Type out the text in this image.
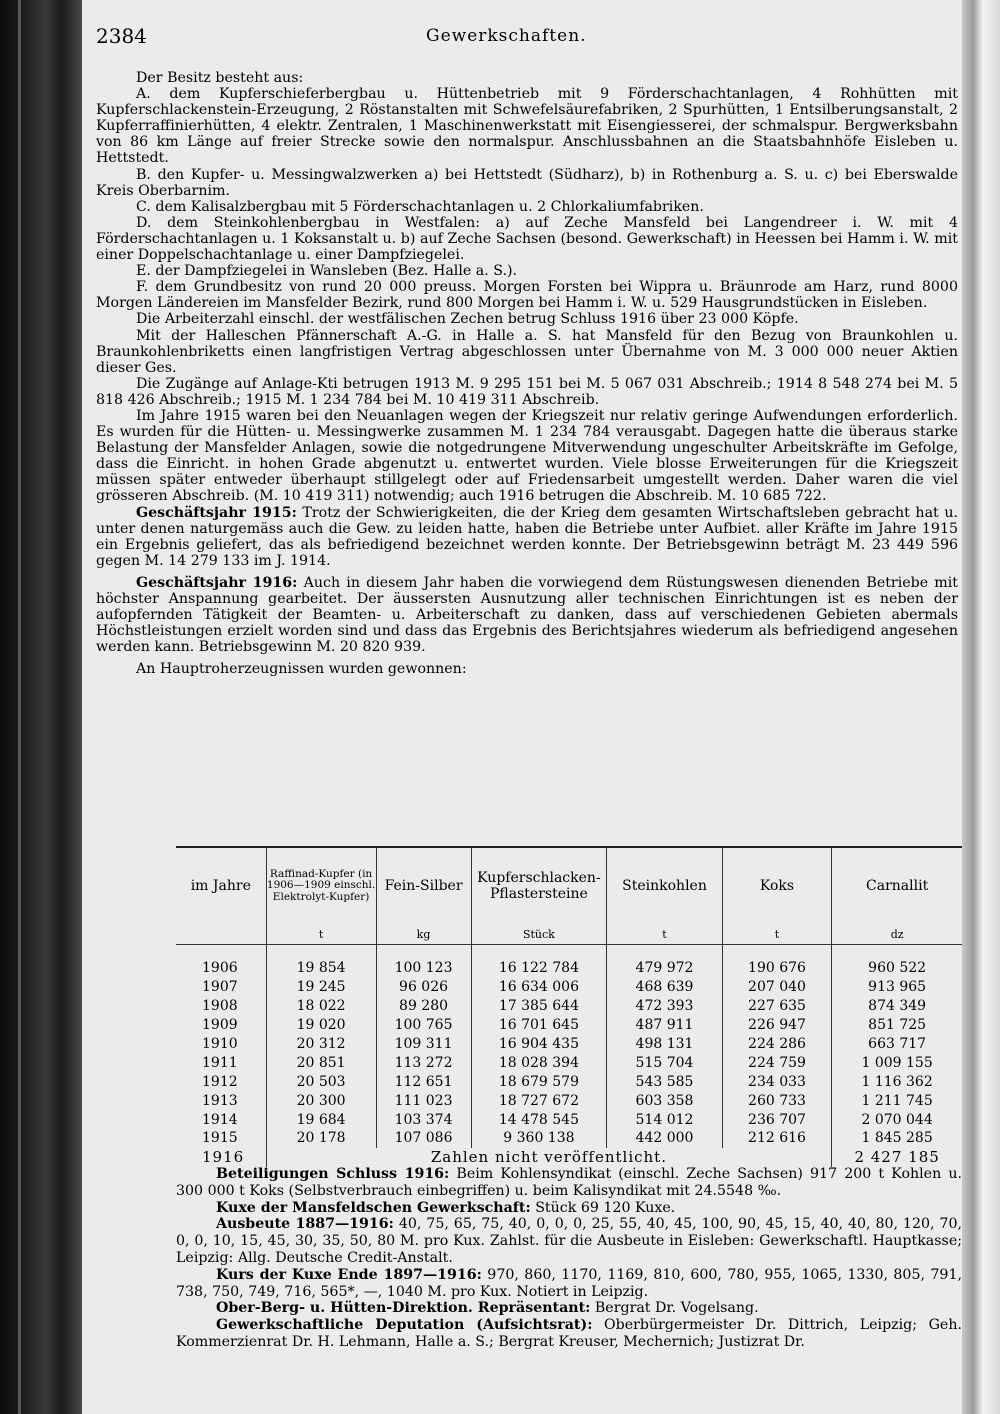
2384	Gewerkschaften.

Der Besitz besteht aus:

A. dem Kupferschieferbergbau u. Hüttenbetrieb mit 9 Förderschachtanlagen, 4 Rohhütten mit Kupferschlackenstein-Erzeugung, 2 Röstanstalten mit Schwefelsäurefabriken, 2 Spurhütten, 1 Entsilberungsanstalt, 2 Kupferraffinierhütten, 4 elektr. Zentralen, 1 Maschinenwerkstatt mit Eisengiesserei, der schmalspur. Bergwerksbahn von 86 km Länge auf freier Strecke sowie den normalspur. Anschlussbahnen an die Staatsbahnhöfe Eisleben u. Hettstedt.

B. den Kupfer- u. Messingwalzwerken a) bei Hettstedt (Südharz), b) in Rothenburg a. S. u. c) bei Eberswalde Kreis Oberbarnim.

C. dem Kalisalzbergbau mit 5 Förderschachtanlagen u. 2 Chlorkaliumfabriken.

D. dem Steinkohlenbergbau in Westfalen: a) auf Zeche Mansfeld bei Langendreer i. W. mit 4 Förderschachtanlagen u. 1 Koksanstalt u. b) auf Zeche Sachsen (besond. Gewerkschaft) in Heessen bei Hamm i. W. mit einer Doppelschachtanlage u. einer Dampfziegelei.

E. der Dampfziegelei in Wansleben (Bez. Halle a. S.).

F. dem Grundbesitz von rund 20 000 preuss. Morgen Forsten bei Wippra u. Bräunrode am Harz, rund 8000 Morgen Ländereien im Mansfelder Bezirk, rund 800 Morgen bei Hamm i. W. u. 529 Hausgrundstücken in Eisleben.

Die Arbeiterzahl einschl. der westfälischen Zechen betrug Schluss 1916 über 23 000 Köpfe.

Mit der Halleschen Pfännerschaft A.-G. in Halle a. S. hat Mansfeld für den Bezug von Braunkohlen u. Braunkohlenbriketts einen langfristigen Vertrag abgeschlossen unter Übernahme von M. 3 000 000 neuer Aktien dieser Ges.

Die Zugänge auf Anlage-Kti betrugen 1913 M. 9 295 151 bei M. 5 067 031 Abschreib.; 1914 8 548 274 bei M. 5 818 426 Abschreib.; 1915 M. 1 234 784 bei M. 10 419 311 Abschreib.

Im Jahre 1915 waren bei den Neuanlagen wegen der Kriegszeit nur relativ geringe Aufwendungen erforderlich. Es wurden für die Hütten- u. Messingwerke zusammen M. 1 234 784 verausgabt. Dagegen hatte die überaus starke Belastung der Mansfelder Anlagen, sowie die notgedrungene Mitverwendung ungeschulter Arbeitskräfte im Gefolge, dass die Einricht. in hohen Grade abgenutzt u. entwertet wurden. Viele blosse Erweiterungen für die Kriegszeit müssen später entweder überhaupt stillgelegt oder auf Friedensarbeit umgestellt werden. Daher waren die viel grösseren Abschreib. (M. 10 419 311) notwendig; auch 1916 betrugen die Abschreib. M. 10 685 722.

Geschäftsjahr 1915: Trotz der Schwierigkeiten, die der Krieg dem gesamten Wirtschaftsleben gebracht hat u. unter denen naturgemäss auch die Gew. zu leiden hatte, haben die Betriebe unter Aufbiet. aller Kräfte im Jahre 1915 ein Ergebnis geliefert, das als befriedigend bezeichnet werden konnte. Der Betriebsgewinn beträgt M. 23 449 596 gegen M. 14 279 133 im J. 1914.

Geschäftsjahr 1916: Auch in diesem Jahr haben die vorwiegend dem Rüstungswesen dienenden Betriebe mit höchster Anspannung gearbeitet. Der äussersten Ausnutzung aller technischen Einrichtungen ist es neben der aufopfernden Tätigkeit der Beamten- u. Arbeiterschaft zu danken, dass auf verschiedenen Gebieten abermals Höchstleistungen erzielt worden sind und dass das Ergebnis des Berichtsjahres wiederum als befriedigend angesehen werden kann. Betriebsgewinn M. 20 820 939.

An Hauptroherzeugnissen wurden gewonnen:

im Jahre	Raffinad-Kupfer (in 1906—1909 einschl. Elektrolyt-Kupfer)	Fein-Silber	Kupferschlacken-Pflastersteine	Steinkohlen	Koks	Carnallit
	t	kg	Stück	t	t	dz

1906	19 854	100 123	16 122 784	479 972	190 676	960 522
1907	19 245	96 026	16 634 006	468 639	207 040	913 965
1908	18 022	89 280	17 385 644	472 393	227 635	874 349
1909	19 020	100 765	16 701 645	487 911	226 947	851 725
1910	20 312	109 311	16 904 435	498 131	224 286	663 717
1911	20 851	113 272	18 028 394	515 704	224 759	1 009 155
1912	20 503	112 651	18 679 579	543 585	234 033	1 116 362
1913	20 300	111 023	18 727 672	603 358	260 733	1 211 745
1914	19 684	103 374	14 478 545	514 012	236 707	2 070 044
1915	20 178	107 086	9 360 138	442 000	212 616	1 845 285
1916	Zahlen nicht veröffentlicht.					2 427 185

Beteiligungen Schluss 1916: Beim Kohlensyndikat (einschl. Zeche Sachsen) 917 200 t Kohlen u. 300 000 t Koks (Selbstverbrauch einbegriffen) u. beim Kalisyndikat mit 24.5548 ‰.

Kuxe der Mansfeldschen Gewerkschaft: Stück 69 120 Kuxe.

Ausbeute 1887—1916: 40, 75, 65, 75, 40, 0, 0, 0, 25, 55, 40, 45, 100, 90, 45, 15, 40, 40, 80, 120, 70, 0, 0, 10, 15, 45, 30, 35, 50, 80 M. pro Kux. Zahlst. für die Ausbeute in Eisleben: Gewerkschaftl. Hauptkasse; Leipzig: Allg. Deutsche Credit-Anstalt.

Kurs der Kuxe Ende 1897—1916: 970, 860, 1170, 1169, 810, 600, 780, 955, 1065, 1330, 805, 791, 738, 750, 749, 716, 565*, —, 1040 M. pro Kux. Notiert in Leipzig.

Ober-Berg- u. Hütten-Direktion. Repräsentant: Bergrat Dr. Vogelsang.

Gewerkschaftliche Deputation (Aufsichtsrat): Oberbürgermeister Dr. Dittrich, Leipzig; Geh. Kommerzienrat Dr. H. Lehmann, Halle a. S.; Bergrat Kreuser, Mechernich; Justizrat Dr.
